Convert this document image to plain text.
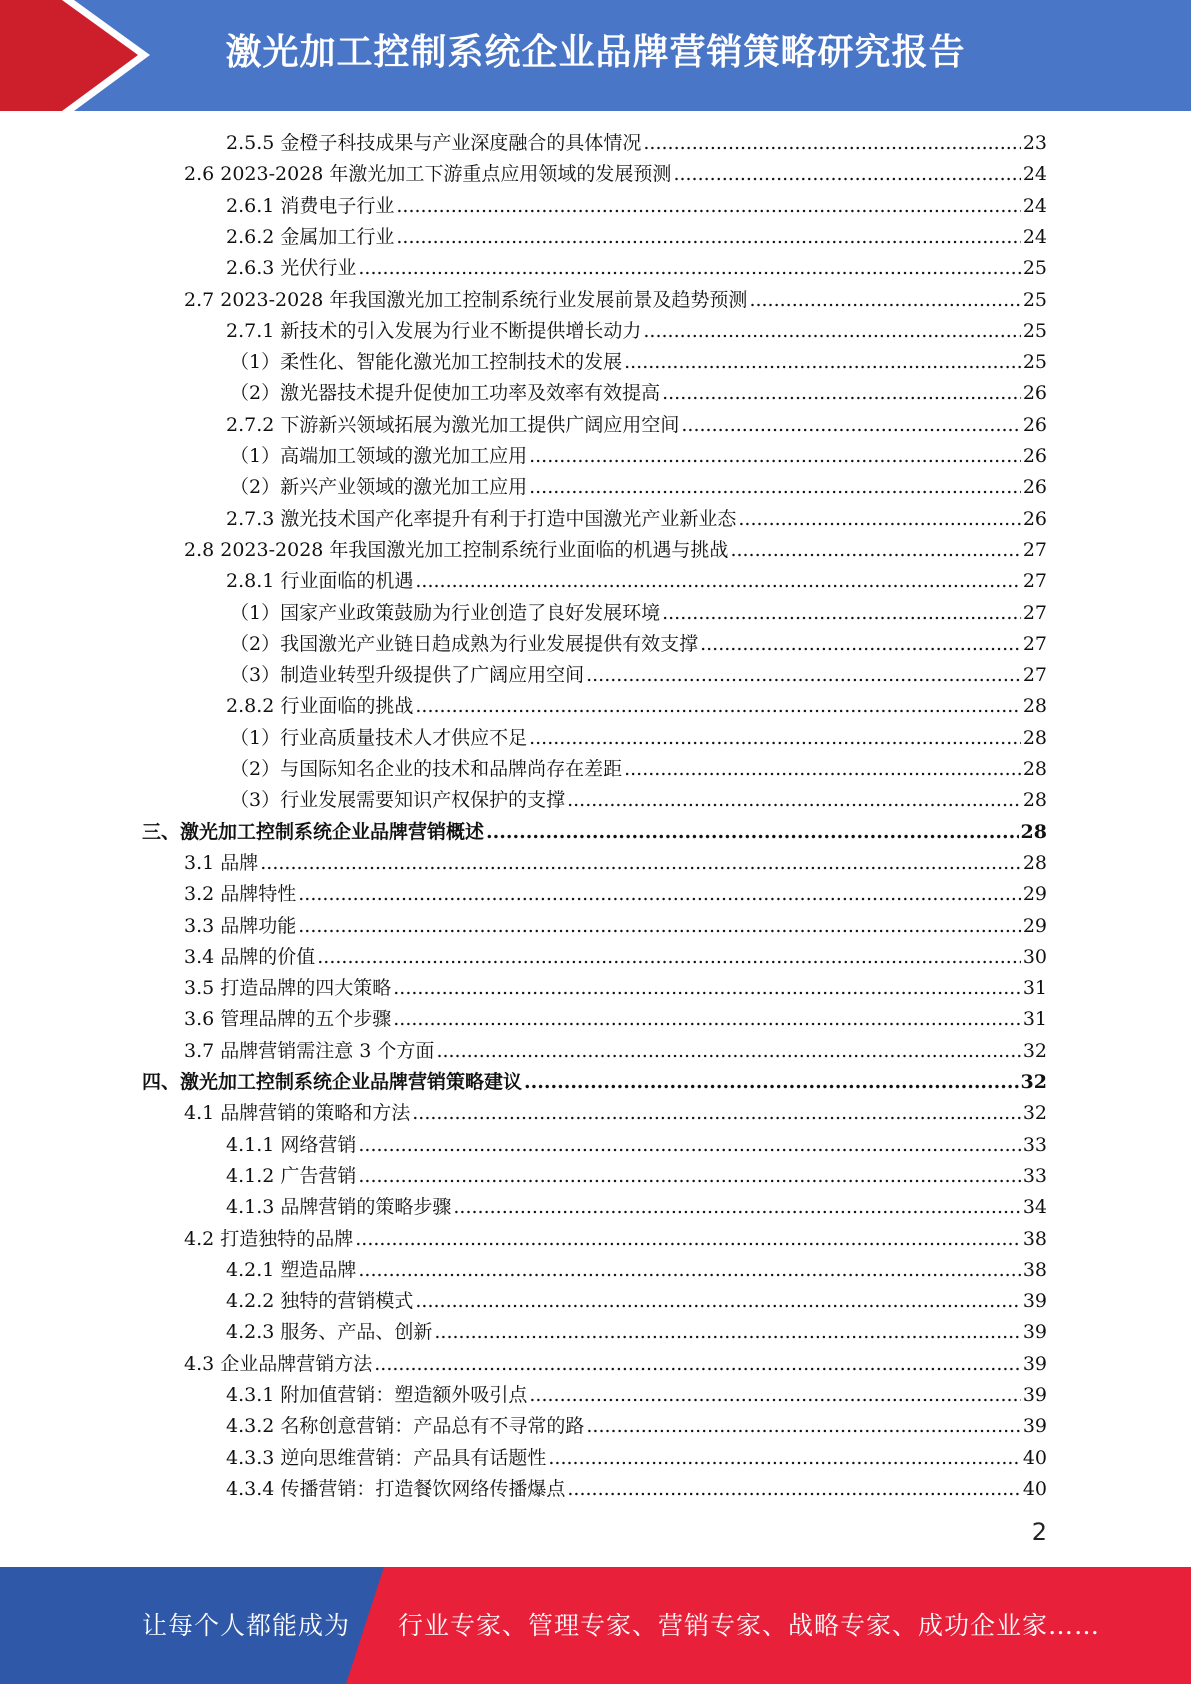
激光加工控制系统企业品牌营销策略研究报告
2.5.5 金橙子科技成果与产业深度融合的具体情况 .....	23
2.6 2023-2028 年激光加工下游重点应用领域的发展预测 .....	24
2.6.1 消费电子行业 .....	24
2.6.2 金属加工行业 .....	24
2.6.3 光伏行业 .....	25
2.7 2023-2028 年我国激光加工控制系统行业发展前景及趋势预测 .....	25
2.7.1 新技术的引入发展为行业不断提供增长动力 .....	25
（1）柔性化、智能化激光加工控制技术的发展 .....	25
（2）激光器技术提升促使加工功率及效率有效提高 .....	26
2.7.2 下游新兴领域拓展为激光加工提供广阔应用空间 .....	26
（1）高端加工领域的激光加工应用 .....	26
（2）新兴产业领域的激光加工应用 .....	26
2.7.3 激光技术国产化率提升有利于打造中国激光产业新业态 .....	26
2.8 2023-2028 年我国激光加工控制系统行业面临的机遇与挑战 .....	27
2.8.1 行业面临的机遇 .....	27
（1）国家产业政策鼓励为行业创造了良好发展环境 .....	27
（2）我国激光产业链日趋成熟为行业发展提供有效支撑 .....	27
（3）制造业转型升级提供了广阔应用空间 .....	27
2.8.2 行业面临的挑战 .....	28
（1）行业高质量技术人才供应不足 .....	28
（2）与国际知名企业的技术和品牌尚存在差距 .....	28
（3）行业发展需要知识产权保护的支撑 .....	28
三、激光加工控制系统企业品牌营销概述 .....	28
3.1 品牌 .....	28
3.2 品牌特性 .....	29
3.3 品牌功能 .....	29
3.4 品牌的价值 .....	30
3.5 打造品牌的四大策略 .....	31
3.6 管理品牌的五个步骤 .....	31
3.7 品牌营销需注意 3 个方面 .....	32
四、激光加工控制系统企业品牌营销策略建议 .....	32
4.1 品牌营销的策略和方法 .....	32
4.1.1 网络营销 .....	33
4.1.2 广告营销 .....	33
4.1.3 品牌营销的策略步骤 .....	34
4.2 打造独特的品牌 .....	38
4.2.1 塑造品牌 .....	38
4.2.2 独特的营销模式 .....	39
4.2.3 服务、产品、创新 .....	39
4.3 企业品牌营销方法 .....	39
4.3.1 附加值营销：塑造额外吸引点 .....	39
4.3.2 名称创意营销：产品总有不寻常的路 .....	39
4.3.3 逆向思维营销：产品具有话题性 .....	40
4.3.4 传播营销：打造餐饮网络传播爆点 .....	40
2
让每个人都能成为 行业专家、管理专家、营销专家、战略专家、成功企业家……
